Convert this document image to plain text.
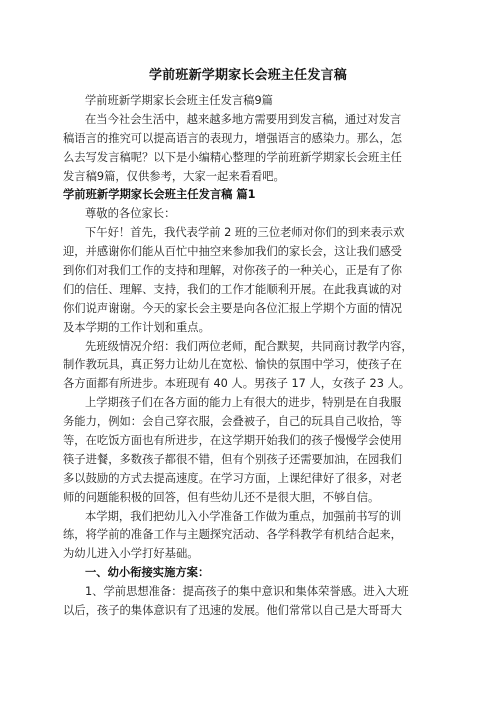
学前班新学期家长会班主任发言稿
学前班新学期家长会班主任发言稿9篇
在当今社会生活中，越来越多地方需要用到发言稿，通过对发言
稿语言的推究可以提高语言的表现力，增强语言的感染力。那么，怎
么去写发言稿呢？以下是小编精心整理的学前班新学期家长会班主任
发言稿9篇，仅供参考，大家一起来看看吧。
学前班新学期家长会班主任发言稿 篇1
尊敬的各位家长：
下午好！首先，我代表学前 2 班的三位老师对你们的到来表示欢
迎，并感谢你们能从百忙中抽空来参加我们的家长会，这让我们感受
到你们对我们工作的支持和理解，对你孩子的一种关心，正是有了你
们的信任、理解、支持，我们的工作才能顺利开展。在此我真诚的对
你们说声谢谢。今天的家长会主要是向各位汇报上学期个方面的情况
及本学期的工作计划和重点。
先班级情况介绍：我们两位老师，配合默契，共同商讨教学内容，
制作教玩具，真正努力让幼儿在宽松、愉快的氛围中学习，使孩子在
各方面都有所进步。本班现有 40 人。男孩子 17 人，女孩子 23 人。
上学期孩子们在各方面的能力上有很大的进步，特别是在自我服
务能力，例如：会自己穿衣服，会叠被子，自己的玩具自己收拾，等
等，在吃饭方面也有所进步，在这学期开始我们的孩子慢慢学会使用
筷子进餐，多数孩子都很不错，但有个别孩子还需要加油，在园我们
多以鼓励的方式去提高速度。在学习方面，上课纪律好了很多，对老
师的问题能积极的回答，但有些幼儿还不是很大胆，不够自信。
本学期，我们把幼儿入小学准备工作做为重点，加强前书写的训
练，将学前的准备工作与主题探究活动、各学科教学有机结合起来，
为幼儿进入小学打好基础。
一、幼小衔接实施方案：
1、学前思想准备：提高孩子的集中意识和集体荣誉感。进入大班
以后，孩子的集体意识有了迅速的发展。他们常常以自己是大哥哥大
